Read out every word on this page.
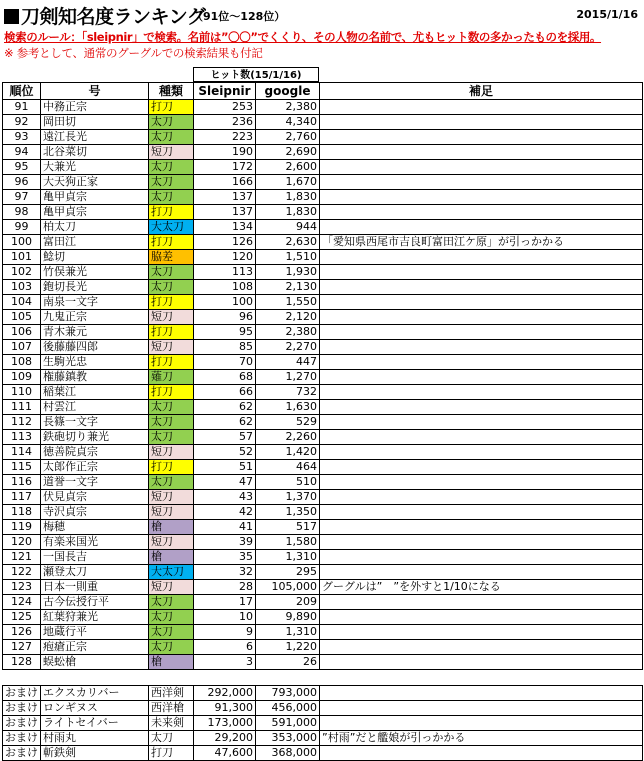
刀剣知名度ランキング
（91位～128位）	2015/1/16
検索のルール：「sleipnir」で検索。名前は”〇〇”でくくり、その人物の名前で、尤もヒット数の多かったものを採用。
※ 参考として、通常のグーグルでの検索結果も付記
ヒット数(15/1/16)
順位	号	種類	Sleipnir	google	補足
91	中務正宗	打刀	253	2,380	
92	岡田切	太刀	236	4,340	
93	遠江長光	太刀	223	2,760	
94	北谷菜切	短刀	190	2,690	
95	大兼光	太刀	172	2,600	
96	大天狗正家	太刀	166	1,670	
97	亀甲貞宗	太刀	137	1,830	
98	亀甲貞宗	打刀	137	1,830	
99	柏太刀	大太刀	134	944	
100	富田江	打刀	126	2,630	「愛知県西尾市吉良町富田江ケ原」が引っかかる
101	鯰切	脇差	120	1,510	
102	竹俣兼光	太刀	113	1,930	
103	鉋切長光	太刀	108	2,130	
104	南泉一文字	打刀	100	1,550	
105	九鬼正宗	短刀	96	2,120	
106	青木兼元	打刀	95	2,380	
107	後藤藤四郎	短刀	85	2,270	
108	生駒光忠	打刀	70	447	
109	権藤鎮教	薙刀	68	1,270	
110	稲葉江	打刀	66	732	
111	村雲江	太刀	62	1,630	
112	長篠一文字	太刀	62	529	
113	鉄砲切り兼光	太刀	57	2,260	
114	徳善院貞宗	短刀	52	1,420	
115	太郎作正宗	打刀	51	464	
116	道誉一文字	太刀	47	510	
117	伏見貞宗	短刀	43	1,370	
118	寺沢貞宗	短刀	42	1,350	
119	梅穂	槍	41	517	
120	有楽来国光	短刀	39	1,580	
121	一国長吉	槍	35	1,310	
122	瀬登太刀	大太刀	32	295	
123	日本一則重	短刀	28	105,000	グーグルは”　”を外すと1/10になる
124	古今伝授行平	太刀	17	209	
125	紅葉狩兼光	太刀	10	9,890	
126	地蔵行平	太刀	9	1,310	
127	疱瘡正宗	太刀	6	1,220	
128	蜈蚣槍	槍	3	26	

おまけ	エクスカリバー	西洋剣	292,000	793,000	
おまけ	ロンギヌス	西洋槍	91,300	456,000	
おまけ	ライトセイバー	未来剣	173,000	591,000	
おまけ	村雨丸	太刀	29,200	353,000	”村雨”だと艦娘が引っかかる
おまけ	斬鉄剣	打刀	47,600	368,000	
